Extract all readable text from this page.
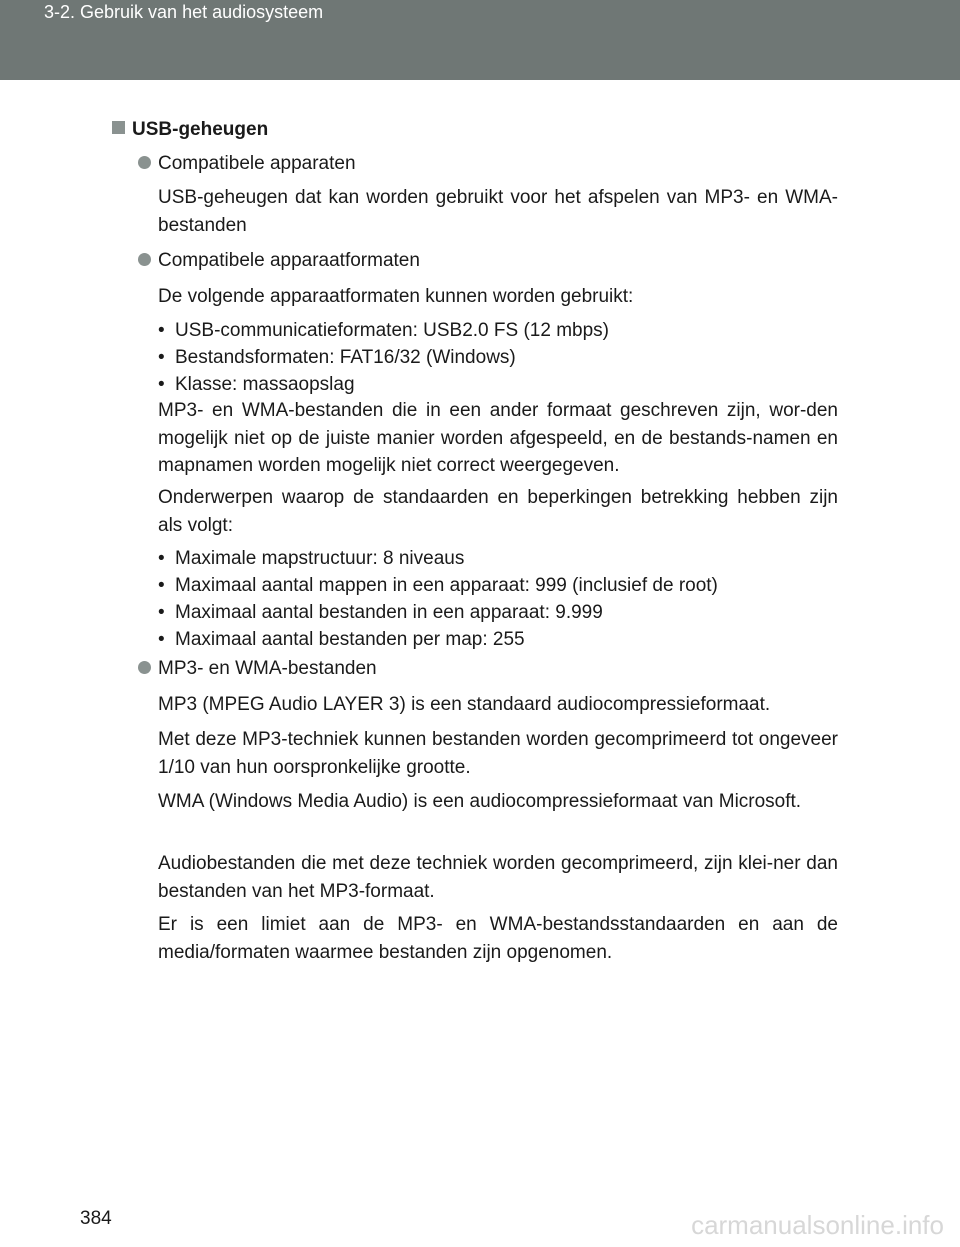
3-2. Gebruik van het audiosysteem
USB-geheugen
Compatibele apparaten

USB-geheugen dat kan worden gebruikt voor het afspelen van MP3- en WMA-bestanden

Compatibele apparaatformaten

De volgende apparaatformaten kunnen worden gebruikt:

• USB-communicatieformaten: USB2.0 FS (12 mbps)
• Bestandsformaten: FAT16/32 (Windows)
• Klasse: massaopslag

MP3- en WMA-bestanden die in een ander formaat geschreven zijn, wor-den mogelijk niet op de juiste manier worden afgespeeld, en de bestands-namen en mapnamen worden mogelijk niet correct weergegeven.

Onderwerpen waarop de standaarden en beperkingen betrekking hebben zijn als volgt:

• Maximale mapstructuur: 8 niveaus
• Maximaal aantal mappen in een apparaat: 999 (inclusief de root)
• Maximaal aantal bestanden in een apparaat: 9.999
• Maximaal aantal bestanden per map: 255
MP3- en WMA-bestanden

MP3 (MPEG Audio LAYER 3) is een standaard audiocompressieformaat.

Met deze MP3-techniek kunnen bestanden worden gecomprimeerd tot ongeveer 1/10 van hun oorspronkelijke grootte.

WMA (Windows Media Audio) is een audiocompressieformaat van Microsoft.

Audiobestanden die met deze techniek worden gecomprimeerd, zijn klei-ner dan bestanden van het MP3-formaat.

Er is een limiet aan de MP3- en WMA-bestandsstandaarden en aan de media/formaten waarmee bestanden zijn opgenomen.

384	carmanualsonline.info
